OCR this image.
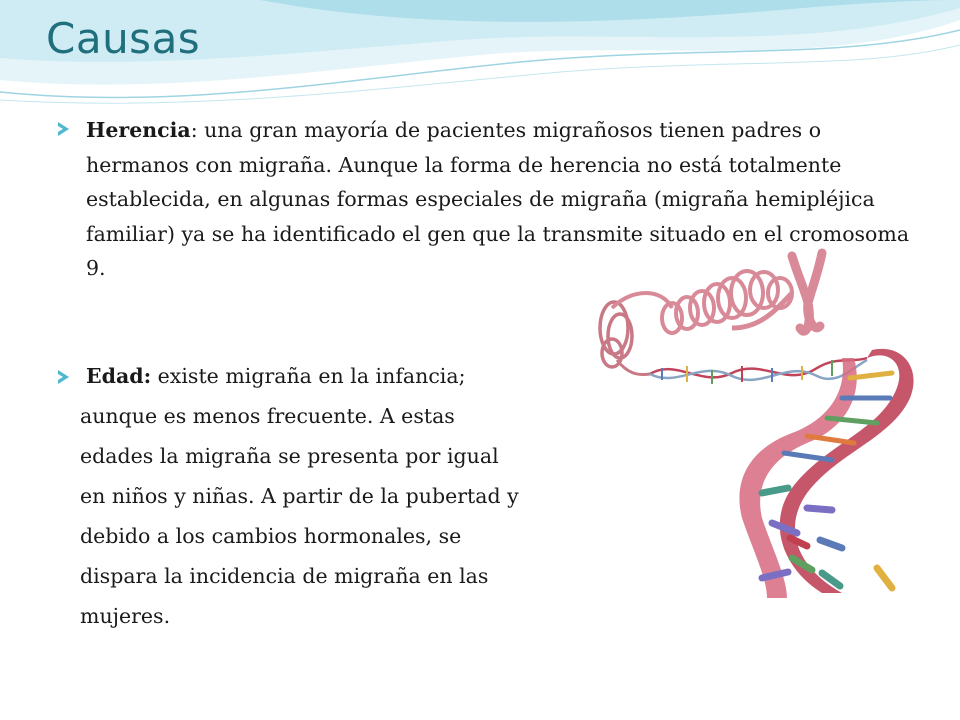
Causas
Herencia: una gran mayoría de pacientes migrañosos tienen padres o hermanos con migraña. Aunque la forma de herencia no está totalmente establecida, en algunas formas especiales de migraña (migraña hemipléjica familiar) ya se ha identificado el gen que la transmite situado en el cromosoma 9.
Edad: existe migraña en la infancia;
aunque es menos frecuente. A estas
edades la migraña se presenta por igual
en niños y niñas. A partir de la pubertad y
debido a los cambios hormonales, se
dispara la incidencia de migraña en las
mujeres.
